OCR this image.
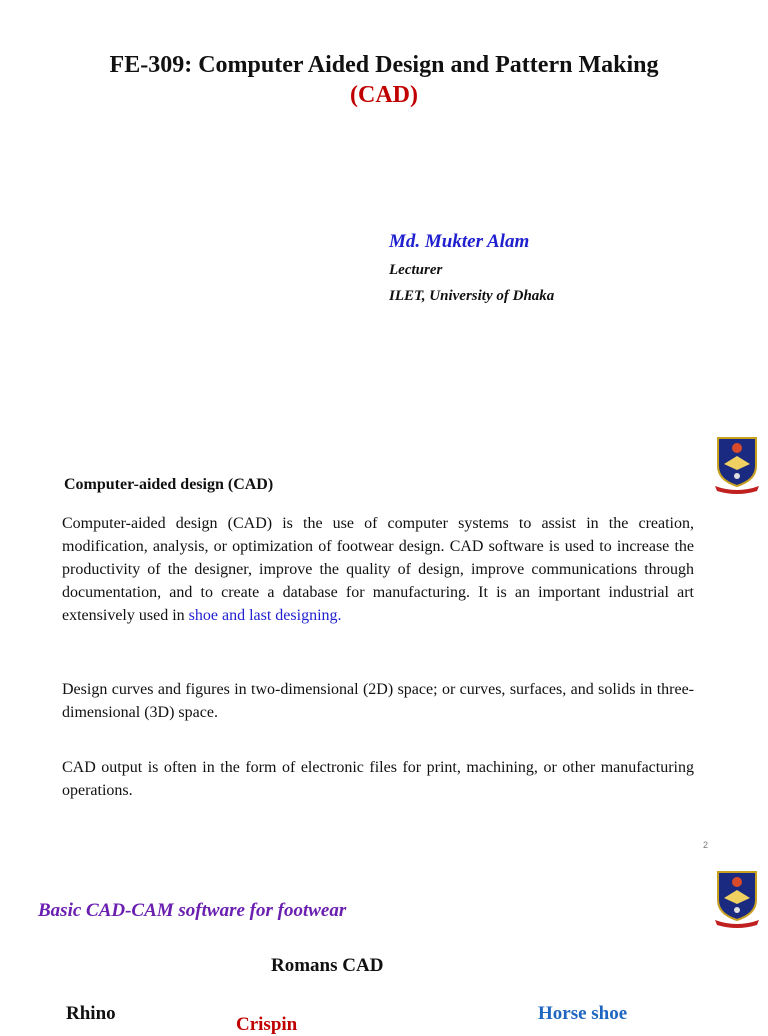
FE-309: Computer Aided Design and Pattern Making
(CAD)
Md. Mukter Alam
Lecturer
ILET, University of Dhaka
Computer-aided design (CAD)
Computer-aided design (CAD) is the use of computer systems to assist in the creation, modification, analysis, or optimization of footwear design. CAD software is used to increase the productivity of the designer, improve the quality of design, improve communications through documentation, and to create a database for manufacturing. It is an important industrial art extensively used in shoe and last designing.
Design curves and figures in two-dimensional (2D) space; or curves, surfaces, and solids in three-dimensional (3D) space.
CAD output is often in the form of electronic files for print, machining, or other manufacturing operations.
2
Basic CAD-CAM software for footwear
Romans CAD
Rhino
Crispin
Horse shoe
